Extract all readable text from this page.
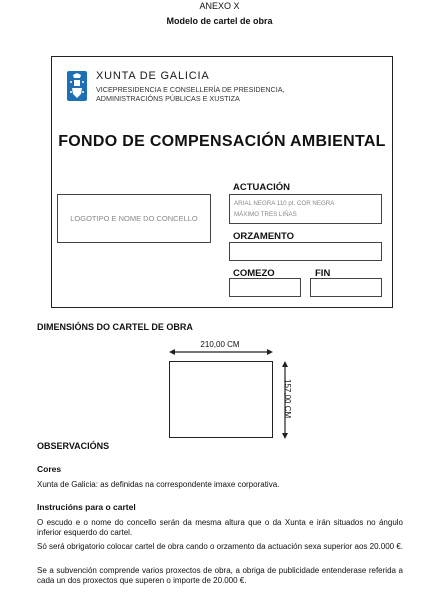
ANEXO X
Modelo de cartel de obra
XUNTA DE GALICIA
VICEPRESIDENCIA E CONSELLERÍA DE PRESIDENCIA,
ADMINISTRACIÓNS PÚBLICAS E XUSTIZA
FONDO DE COMPENSACIÓN AMBIENTAL
LOGOTIPO E NOME DO CONCELLO
ACTUACIÓN
ARIAL NEGRA 110 pt. COR NEGRA
MÁXIMO TRES LIÑAS
ORZAMENTO
COMEZO	FIN
DIMENSIÓNS DO CARTEL DE OBRA
210,00 CM
157,00 CM
OBSERVACIÓNS
Cores
Xunta de Galicia: as definidas na correspondente imaxe corporativa.
Instrucións para o cartel
O escudo e o nome do concello serán da mesma altura que o da Xunta e irán situados no ángulo inferior esquerdo do cartel.
Só será obrigatorio colocar cartel de obra cando o orzamento da actuación sexa superior aos 20.000 €.
Se a subvención comprende varios proxectos de obra, a obriga de publicidade entenderase referida a cada un dos proxectos que superen o importe de 20.000 €.
